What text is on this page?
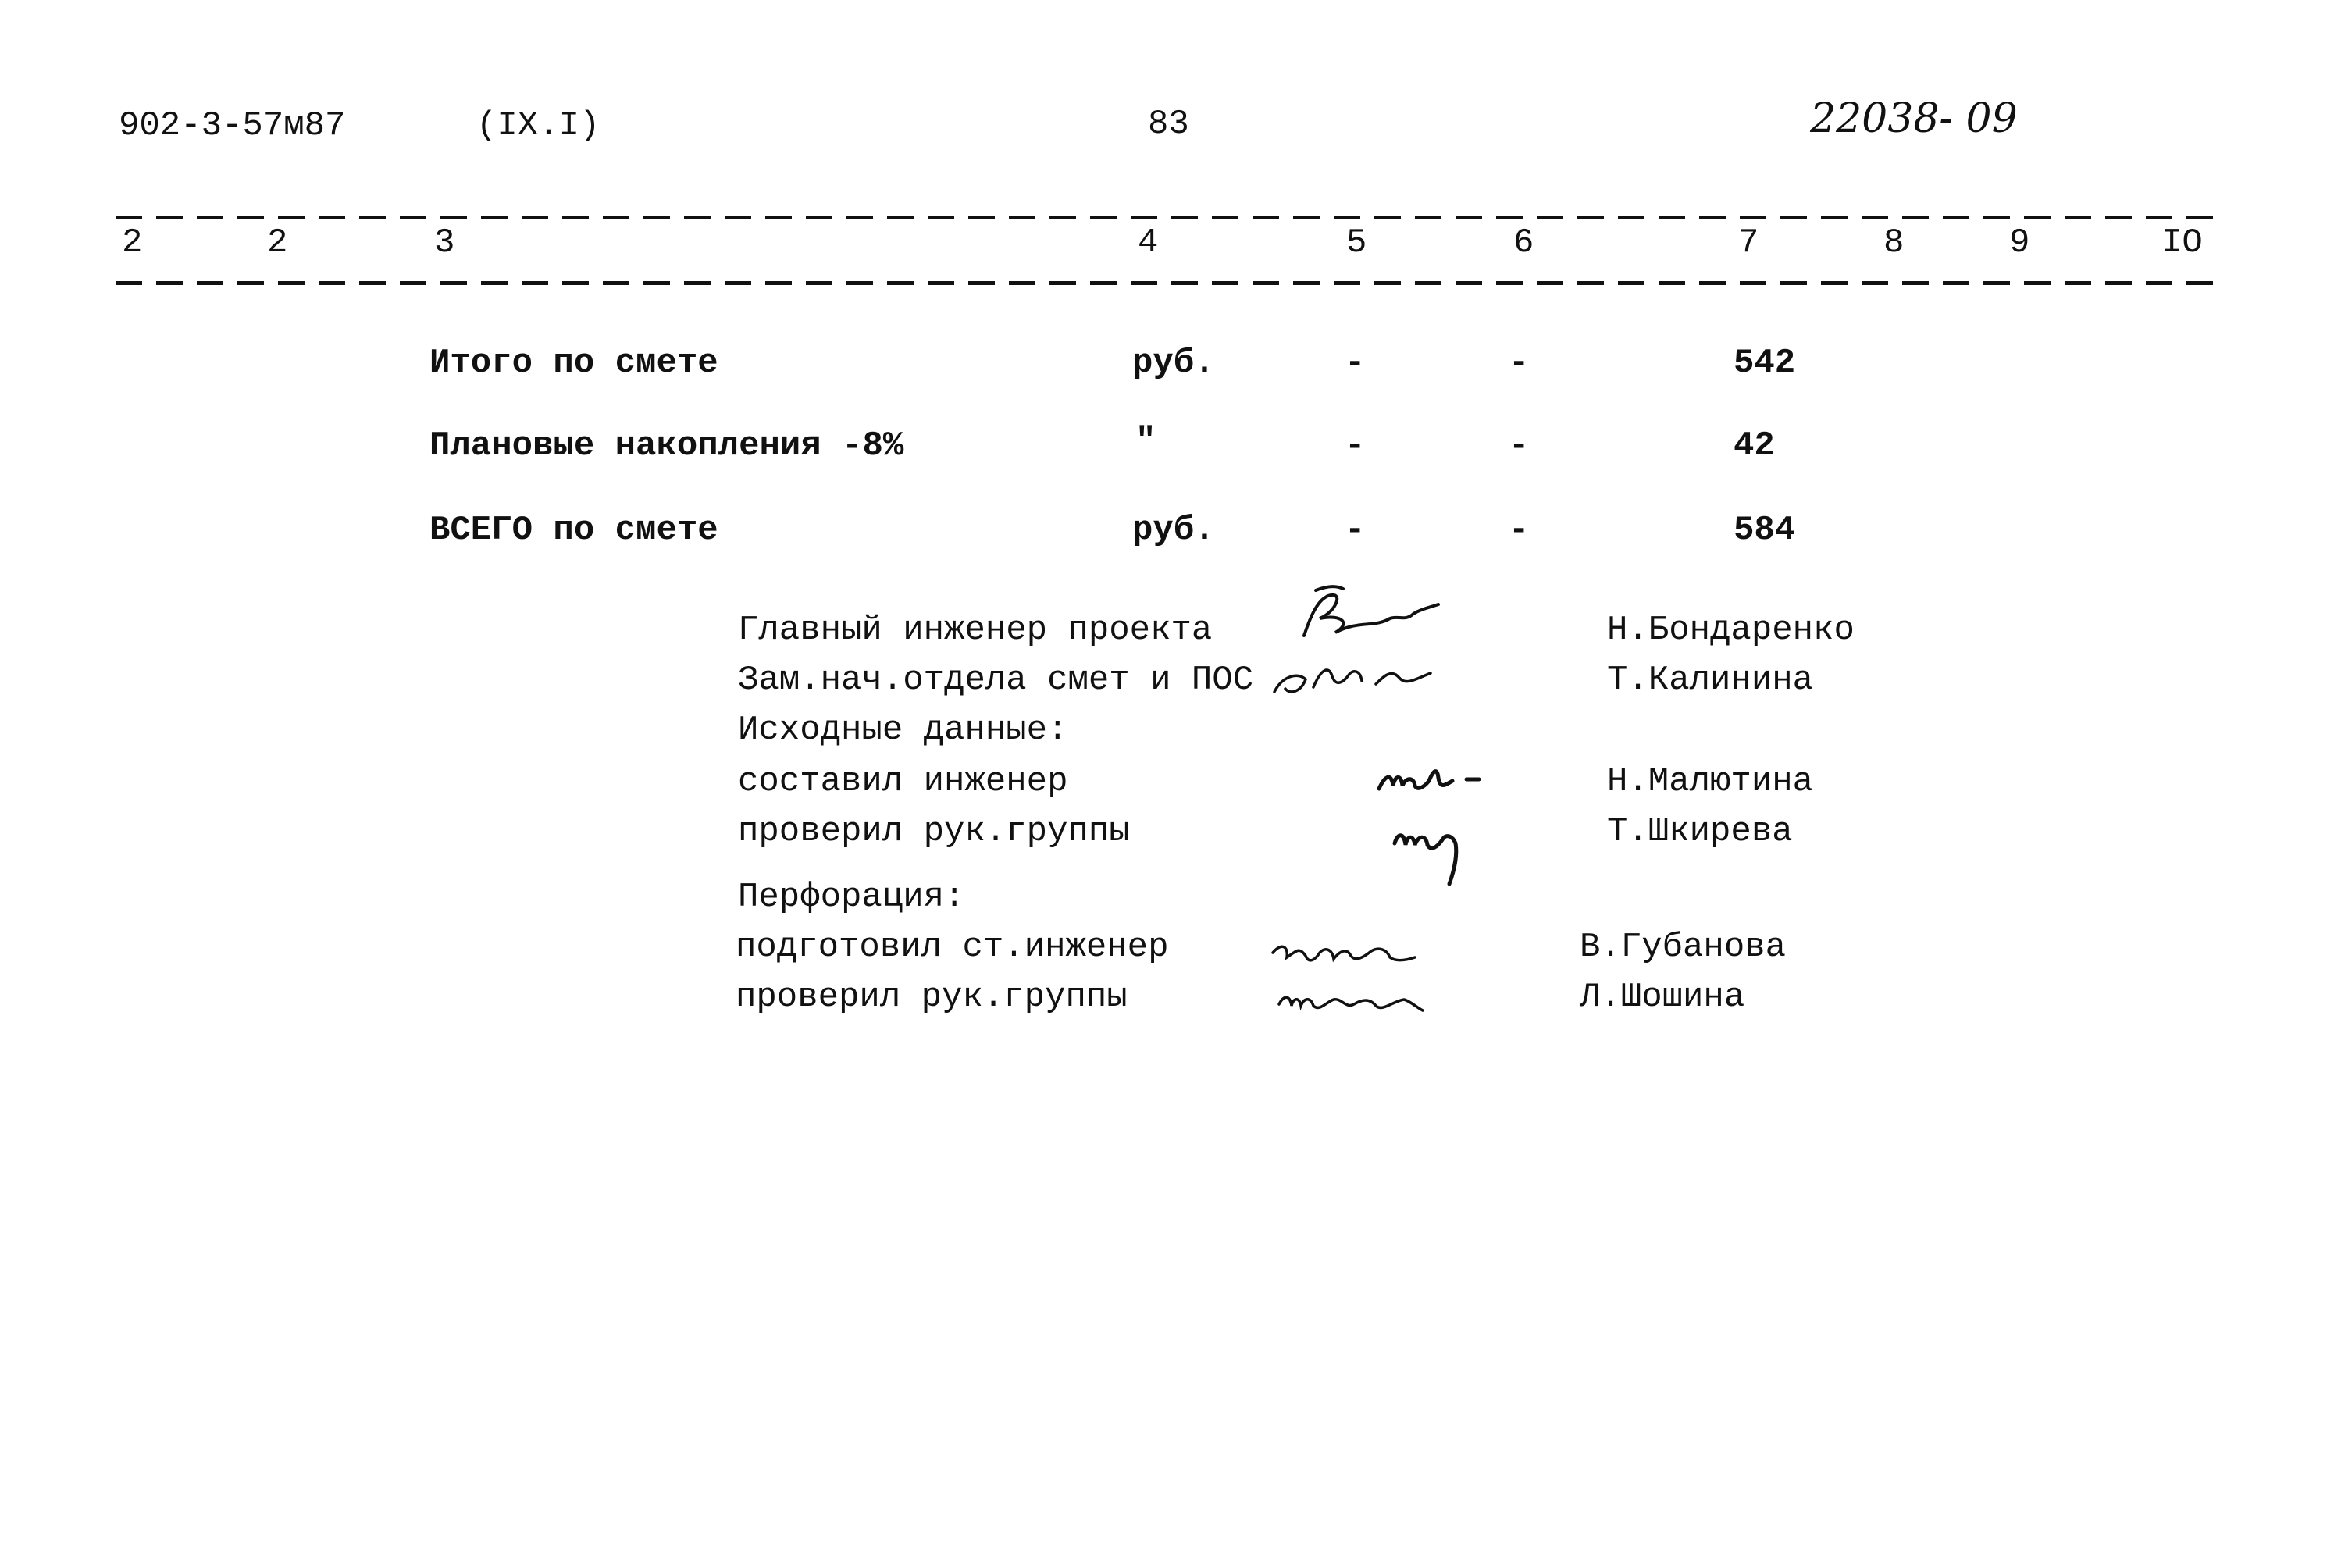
902-3-57м87	(IX.I)	83	22038- 09
2	2	3	4	5	6	7	8	9	IO
Итого по смете	руб.	-	-	542
Плановые накопления -8%	"	-	-	42
ВСЕГО по смете	руб.	-	-	584
Главный инженер проекта	Н.Бондаренко
Зам.нач.отдела смет и ПОС	Т.Калинина
Исходные данные:
составил инженер	Н.Малютина
проверил рук.группы	Т.Шкирева
Перфорация:
подготовил ст.инженер	В.Губанова
проверил рук.группы	Л.Шошина
